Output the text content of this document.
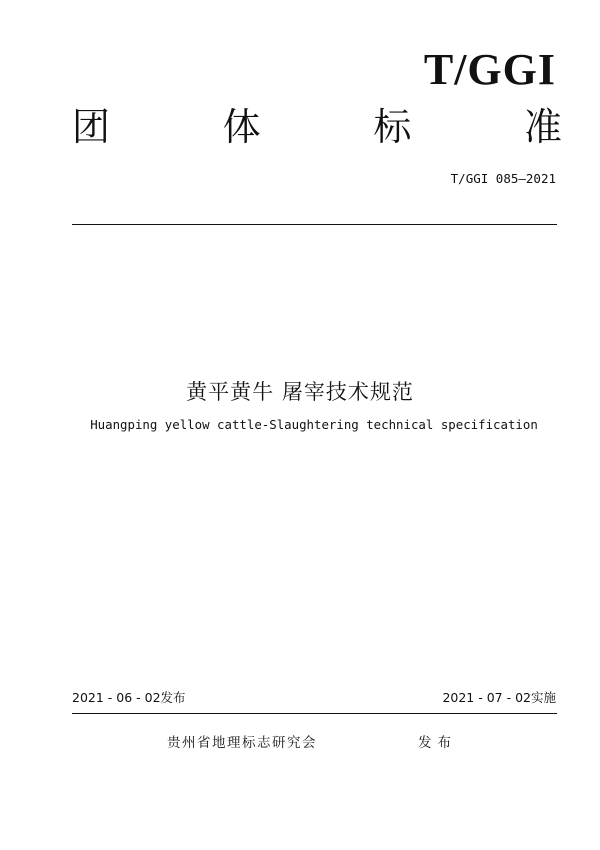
T/GGI
团	体	标	准
T/GGI 085—2021
黄平黄牛 屠宰技术规范
Huangping yellow cattle-Slaughtering technical specification
2021 - 06 - 02发布	2021 - 07 - 02实施
贵州省地理标志研究会	发布
